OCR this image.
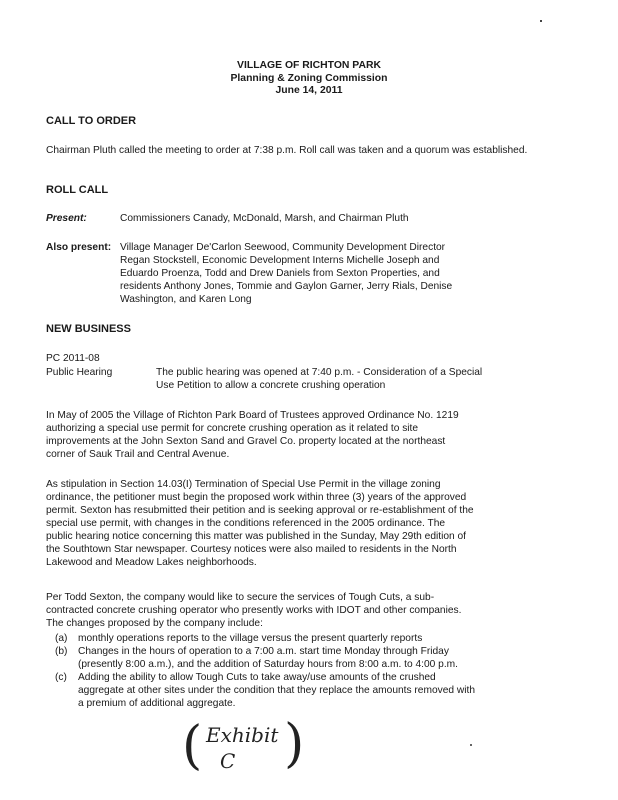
VILLAGE OF RICHTON PARK
Planning & Zoning Commission
June 14, 2011
CALL TO ORDER
Chairman Pluth called the meeting to order at 7:38 p.m. Roll call was taken and a quorum was established.
ROLL CALL
Present:	Commissioners Canady, McDonald, Marsh, and Chairman Pluth
Also present: Village Manager De'Carlon Seewood, Community Development Director
Regan Stockstell, Economic Development Interns Michelle Joseph and
Eduardo Proenza, Todd and Drew Daniels from Sexton Properties, and
residents Anthony Jones, Tommie and Gaylon Garner, Jerry Rials, Denise
Washington, and Karen Long
NEW BUSINESS
PC 2011-08
Public Hearing	The public hearing was opened at 7:40 p.m. - Consideration of a Special
Use Petition to allow a concrete crushing operation
In May of 2005 the Village of Richton Park Board of Trustees approved Ordinance No. 1219
authorizing a special use permit for concrete crushing operation as it related to site
improvements at the John Sexton Sand and Gravel Co. property located at the northeast
corner of Sauk Trail and Central Avenue.
As stipulation in Section 14.03(I) Termination of Special Use Permit in the village zoning
ordinance, the petitioner must begin the proposed work within three (3) years of the approved
permit. Sexton has resubmitted their petition and is seeking approval or re-establishment of the
special use permit, with changes in the conditions referenced in the 2005 ordinance. The
public hearing notice concerning this matter was published in the Sunday, May 29th edition of
the Southtown Star newspaper. Courtesy notices were also mailed to residents in the North
Lakewood and Meadow Lakes neighborhoods.
Per Todd Sexton, the company would like to secure the services of Tough Cuts, a sub-
contracted concrete crushing operator who presently works with IDOT and other companies.
The changes proposed by the company include:
(a) monthly operations reports to the village versus the present quarterly reports
(b) Changes in the hours of operation to a 7:00 a.m. start time Monday through Friday
(presently 8:00 a.m.), and the addition of Saturday hours from 8:00 a.m. to 4:00 p.m.
(c) Adding the ability to allow Tough Cuts to take away/use amounts of the crushed
aggregate at other sites under the condition that they replace the amounts removed with
a premium of additional aggregate.
( Exhibit
C )
